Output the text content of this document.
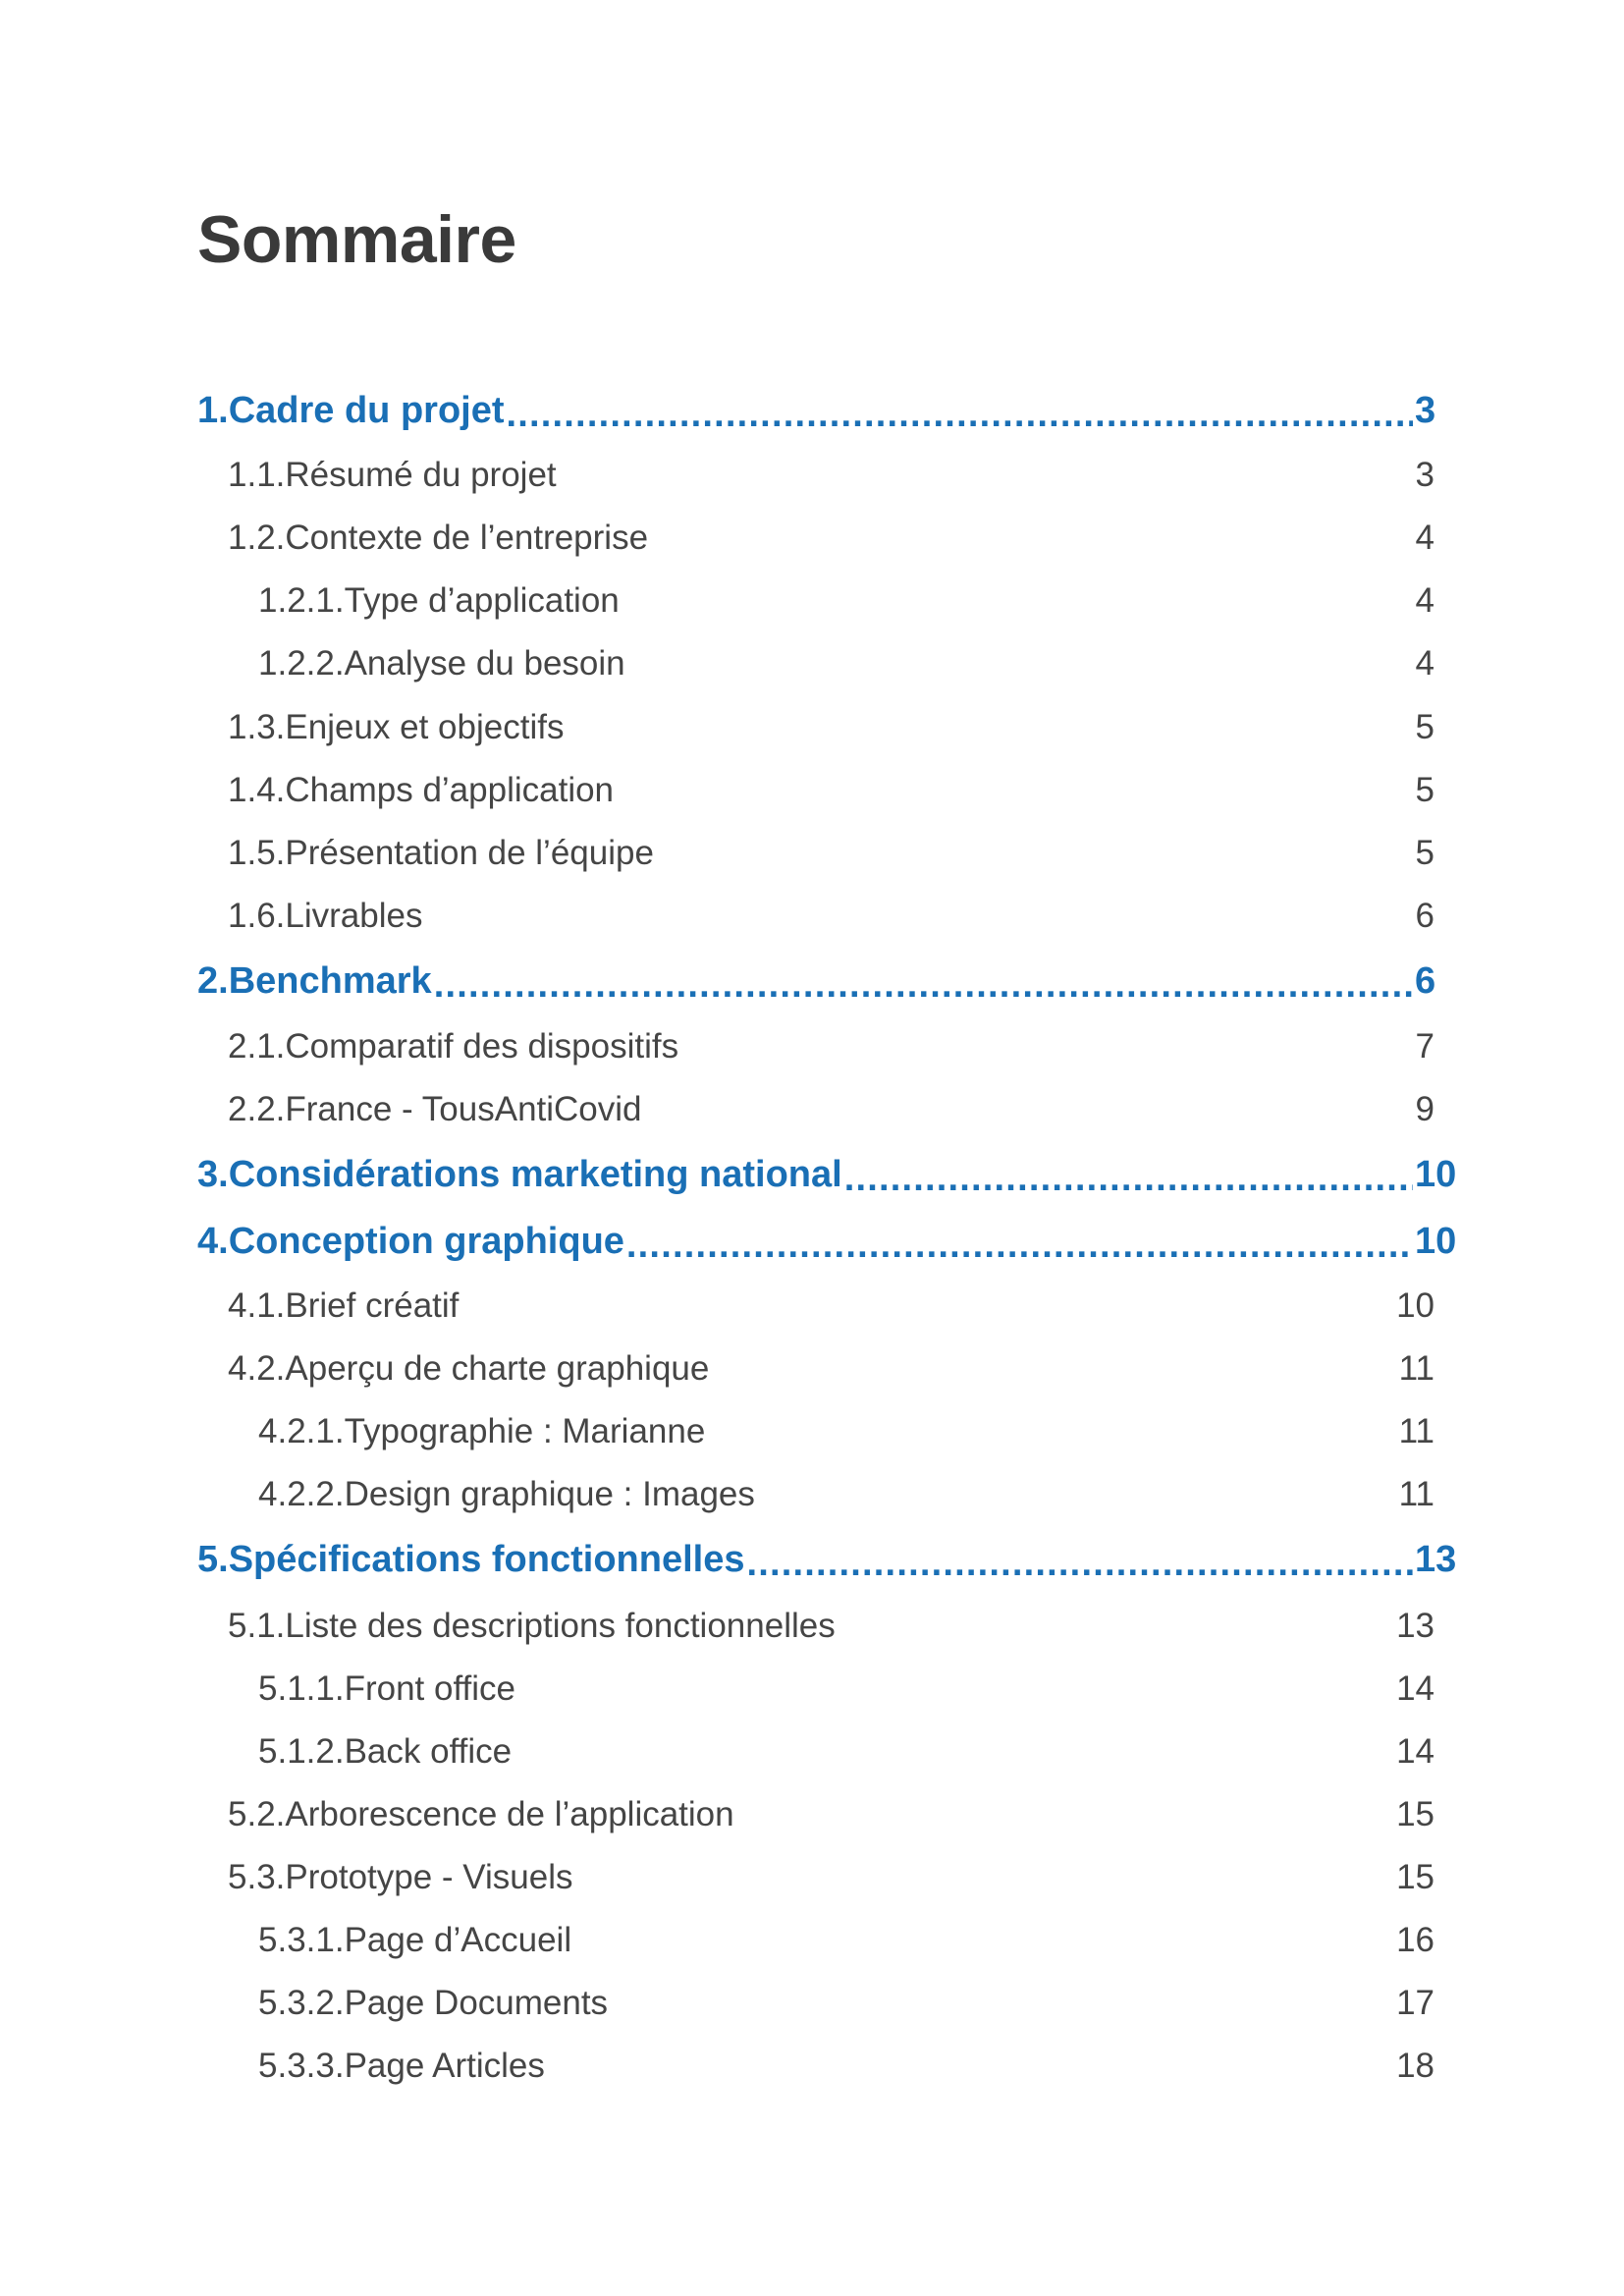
Sommaire
1. Cadre du projet .....	3
1.1. Résumé du projet	3
1.2. Contexte de l’entreprise	4
1.2.1. Type d’application	4
1.2.2. Analyse du besoin	4
1.3. Enjeux et objectifs	5
1.4. Champs d’application	5
1.5. Présentation de l’équipe	5
1.6. Livrables	6
2. Benchmark .....	6
2.1. Comparatif des dispositifs	7
2.2. France - TousAntiCovid	9
3. Considérations marketing national .....	10
4. Conception graphique .....	10
4.1. Brief créatif	10
4.2. Aperçu de charte graphique	11
4.2.1. Typographie : Marianne	11
4.2.2. Design graphique : Images	11
5. Spécifications fonctionnelles .....	13
5.1. Liste des descriptions fonctionnelles	13
5.1.1. Front office	14
5.1.2. Back office	14
5.2. Arborescence de l’application	15
5.3. Prototype - Visuels	15
5.3.1. Page d’Accueil	16
5.3.2. Page Documents	17
5.3.3. Page Articles	18
